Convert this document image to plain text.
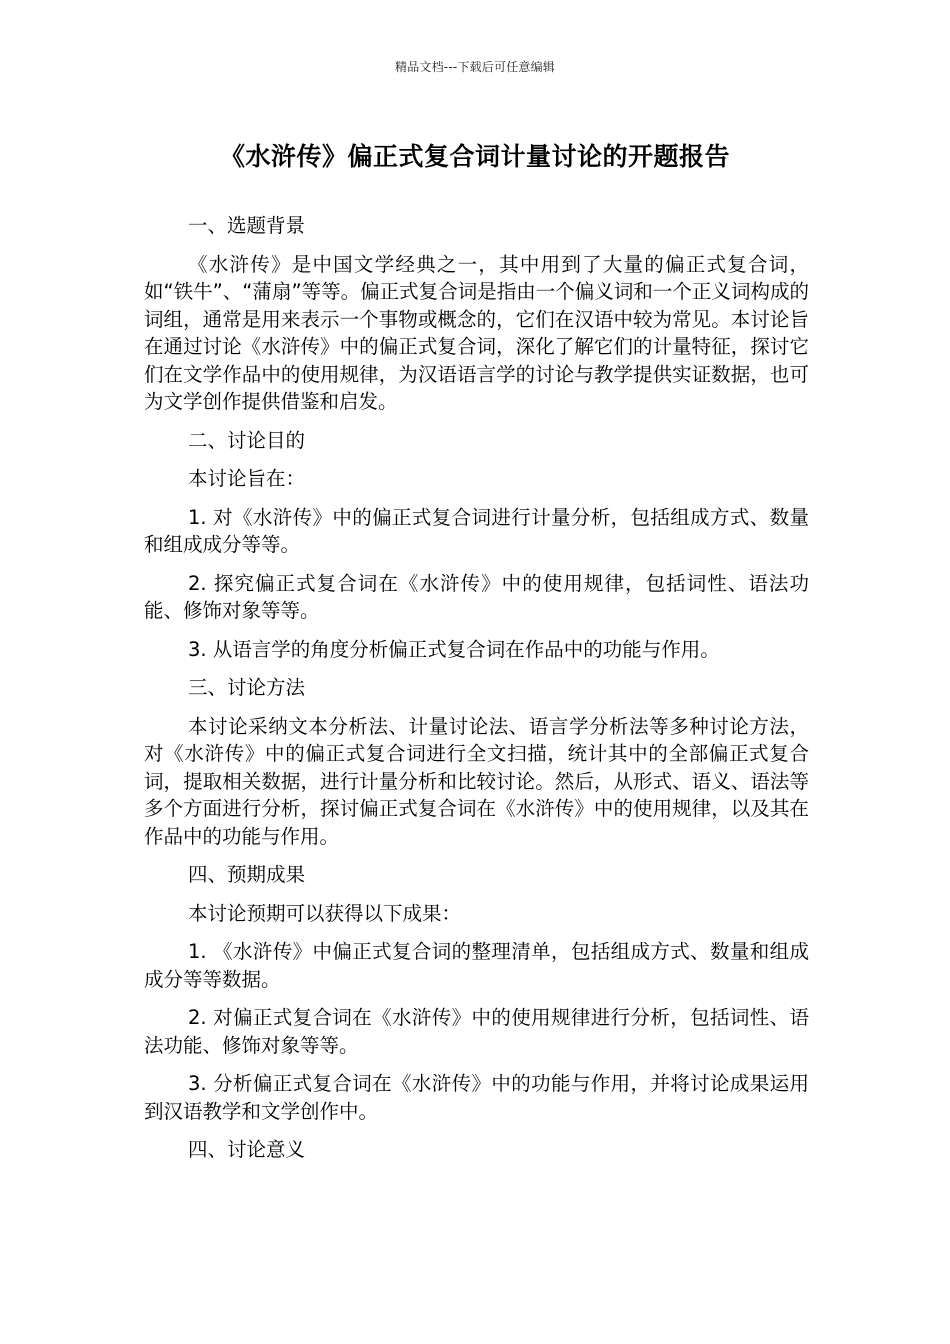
精品文档---下载后可任意编辑
《水浒传》偏正式复合词计量讨论的开题报告

一、选题背景

《水浒传》是中国文学经典之一，其中用到了大量的偏正式复合词，如“铁牛”、“蒲扇”等等。偏正式复合词是指由一个偏义词和一个正义词构成的词组，通常是用来表示一个事物或概念的，它们在汉语中较为常见。本讨论旨在通过讨论《水浒传》中的偏正式复合词，深化了解它们的计量特征，探讨它们在文学作品中的使用规律，为汉语语言学的讨论与教学提供实证数据，也可为文学创作提供借鉴和启发。

二、讨论目的

本讨论旨在：

1. 对《水浒传》中的偏正式复合词进行计量分析，包括组成方式、数量和组成成分等等。

2. 探究偏正式复合词在《水浒传》中的使用规律，包括词性、语法功能、修饰对象等等。

3. 从语言学的角度分析偏正式复合词在作品中的功能与作用。

三、讨论方法

本讨论采纳文本分析法、计量讨论法、语言学分析法等多种讨论方法，对《水浒传》中的偏正式复合词进行全文扫描，统计其中的全部偏正式复合词，提取相关数据，进行计量分析和比较讨论。然后，从形式、语义、语法等多个方面进行分析，探讨偏正式复合词在《水浒传》中的使用规律，以及其在作品中的功能与作用。

四、预期成果

本讨论预期可以获得以下成果：

1. 《水浒传》中偏正式复合词的整理清单，包括组成方式、数量和组成成分等等数据。

2. 对偏正式复合词在《水浒传》中的使用规律进行分析，包括词性、语法功能、修饰对象等等。

3. 分析偏正式复合词在《水浒传》中的功能与作用，并将讨论成果运用到汉语教学和文学创作中。

四、讨论意义
